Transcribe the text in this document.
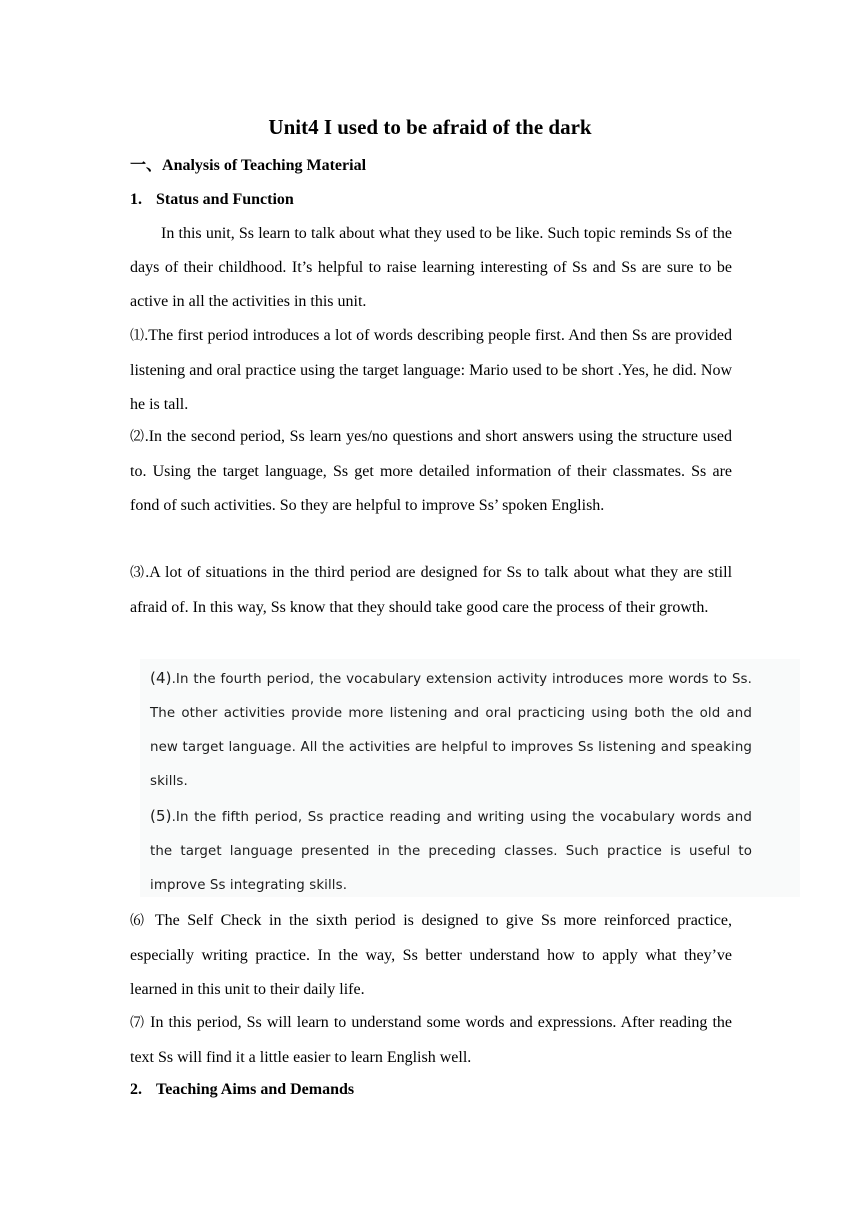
Unit4 I used to be afraid of the dark
一、Analysis of Teaching Material
1. Status and Function
In this unit, Ss learn to talk about what they used to be like. Such topic reminds Ss of the days of their childhood. It’s helpful to raise learning interesting of Ss and Ss are sure to be active in all the activities in this unit.
⑴.The first period introduces a lot of words describing people first. And then Ss are provided listening and oral practice using the target language: Mario used to be short .Yes, he did. Now he is tall.
⑵.In the second period, Ss learn yes/no questions and short answers using the structure used to. Using the target language, Ss get more detailed information of their classmates. Ss are fond of such activities. So they are helpful to improve Ss’ spoken English.
⑶.A lot of situations in the third period are designed for Ss to talk about what they are still afraid of. In this way, Ss know that they should take good care the process of their growth.

(4).In the fourth period, the vocabulary extension activity introduces more words to Ss. The other activities provide more listening and oral practicing using both the old and new target language. All the activities are helpful to improves Ss listening and speaking skills.

(5).In the fifth period, Ss practice reading and writing using the vocabulary words and the target language presented in the preceding classes. Such practice is useful to improve Ss integrating skills.

⑹ The Self Check in the sixth period is designed to give Ss more reinforced practice, especially writing practice. In the way, Ss better understand how to apply what they’ve learned in this unit to their daily life.
⑺ In this period, Ss will learn to understand some words and expressions. After reading the text Ss will find it a little easier to learn English well.
2. Teaching Aims and Demands
